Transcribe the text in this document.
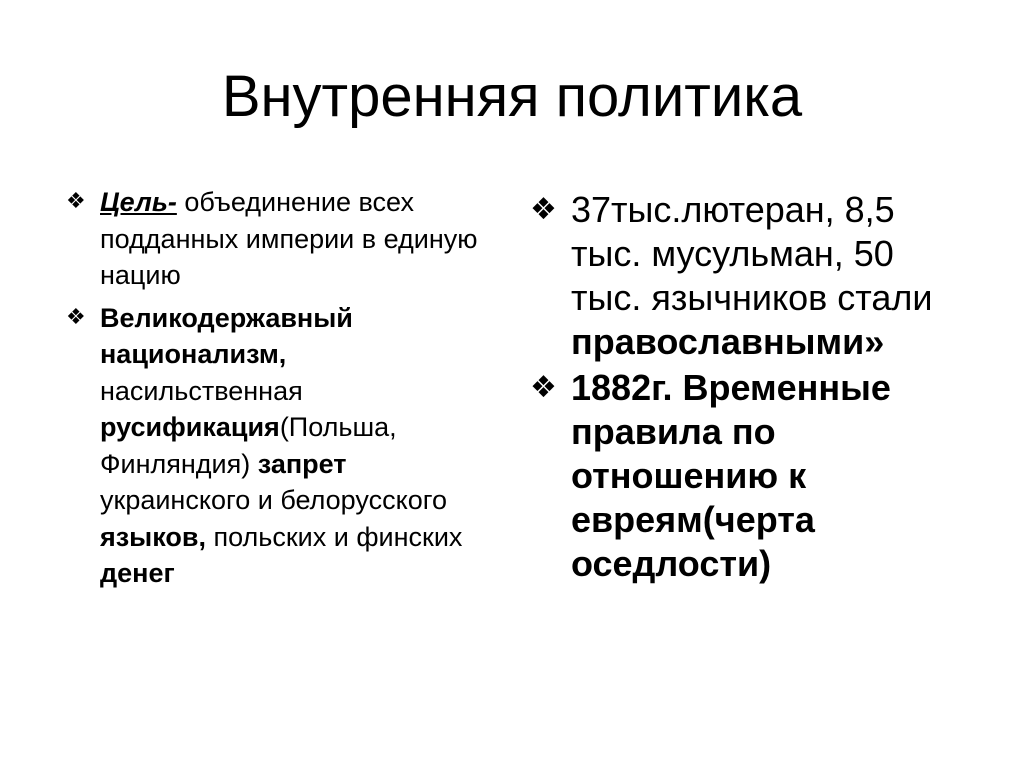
Внутренняя политика
❖ Цель- объединение всех подданных империи в единую нацию
❖ Великодержавный национализм, насильственная русификация(Польша, Финляндия) запрет украинского и белорусского языков, польских и финских денег
❖ 37тыс.лютеран, 8,5 тыс. мусульман, 50 тыс. язычников стали православными»
❖ 1882г. Временные правила по отношению к евреям(черта оседлости)
